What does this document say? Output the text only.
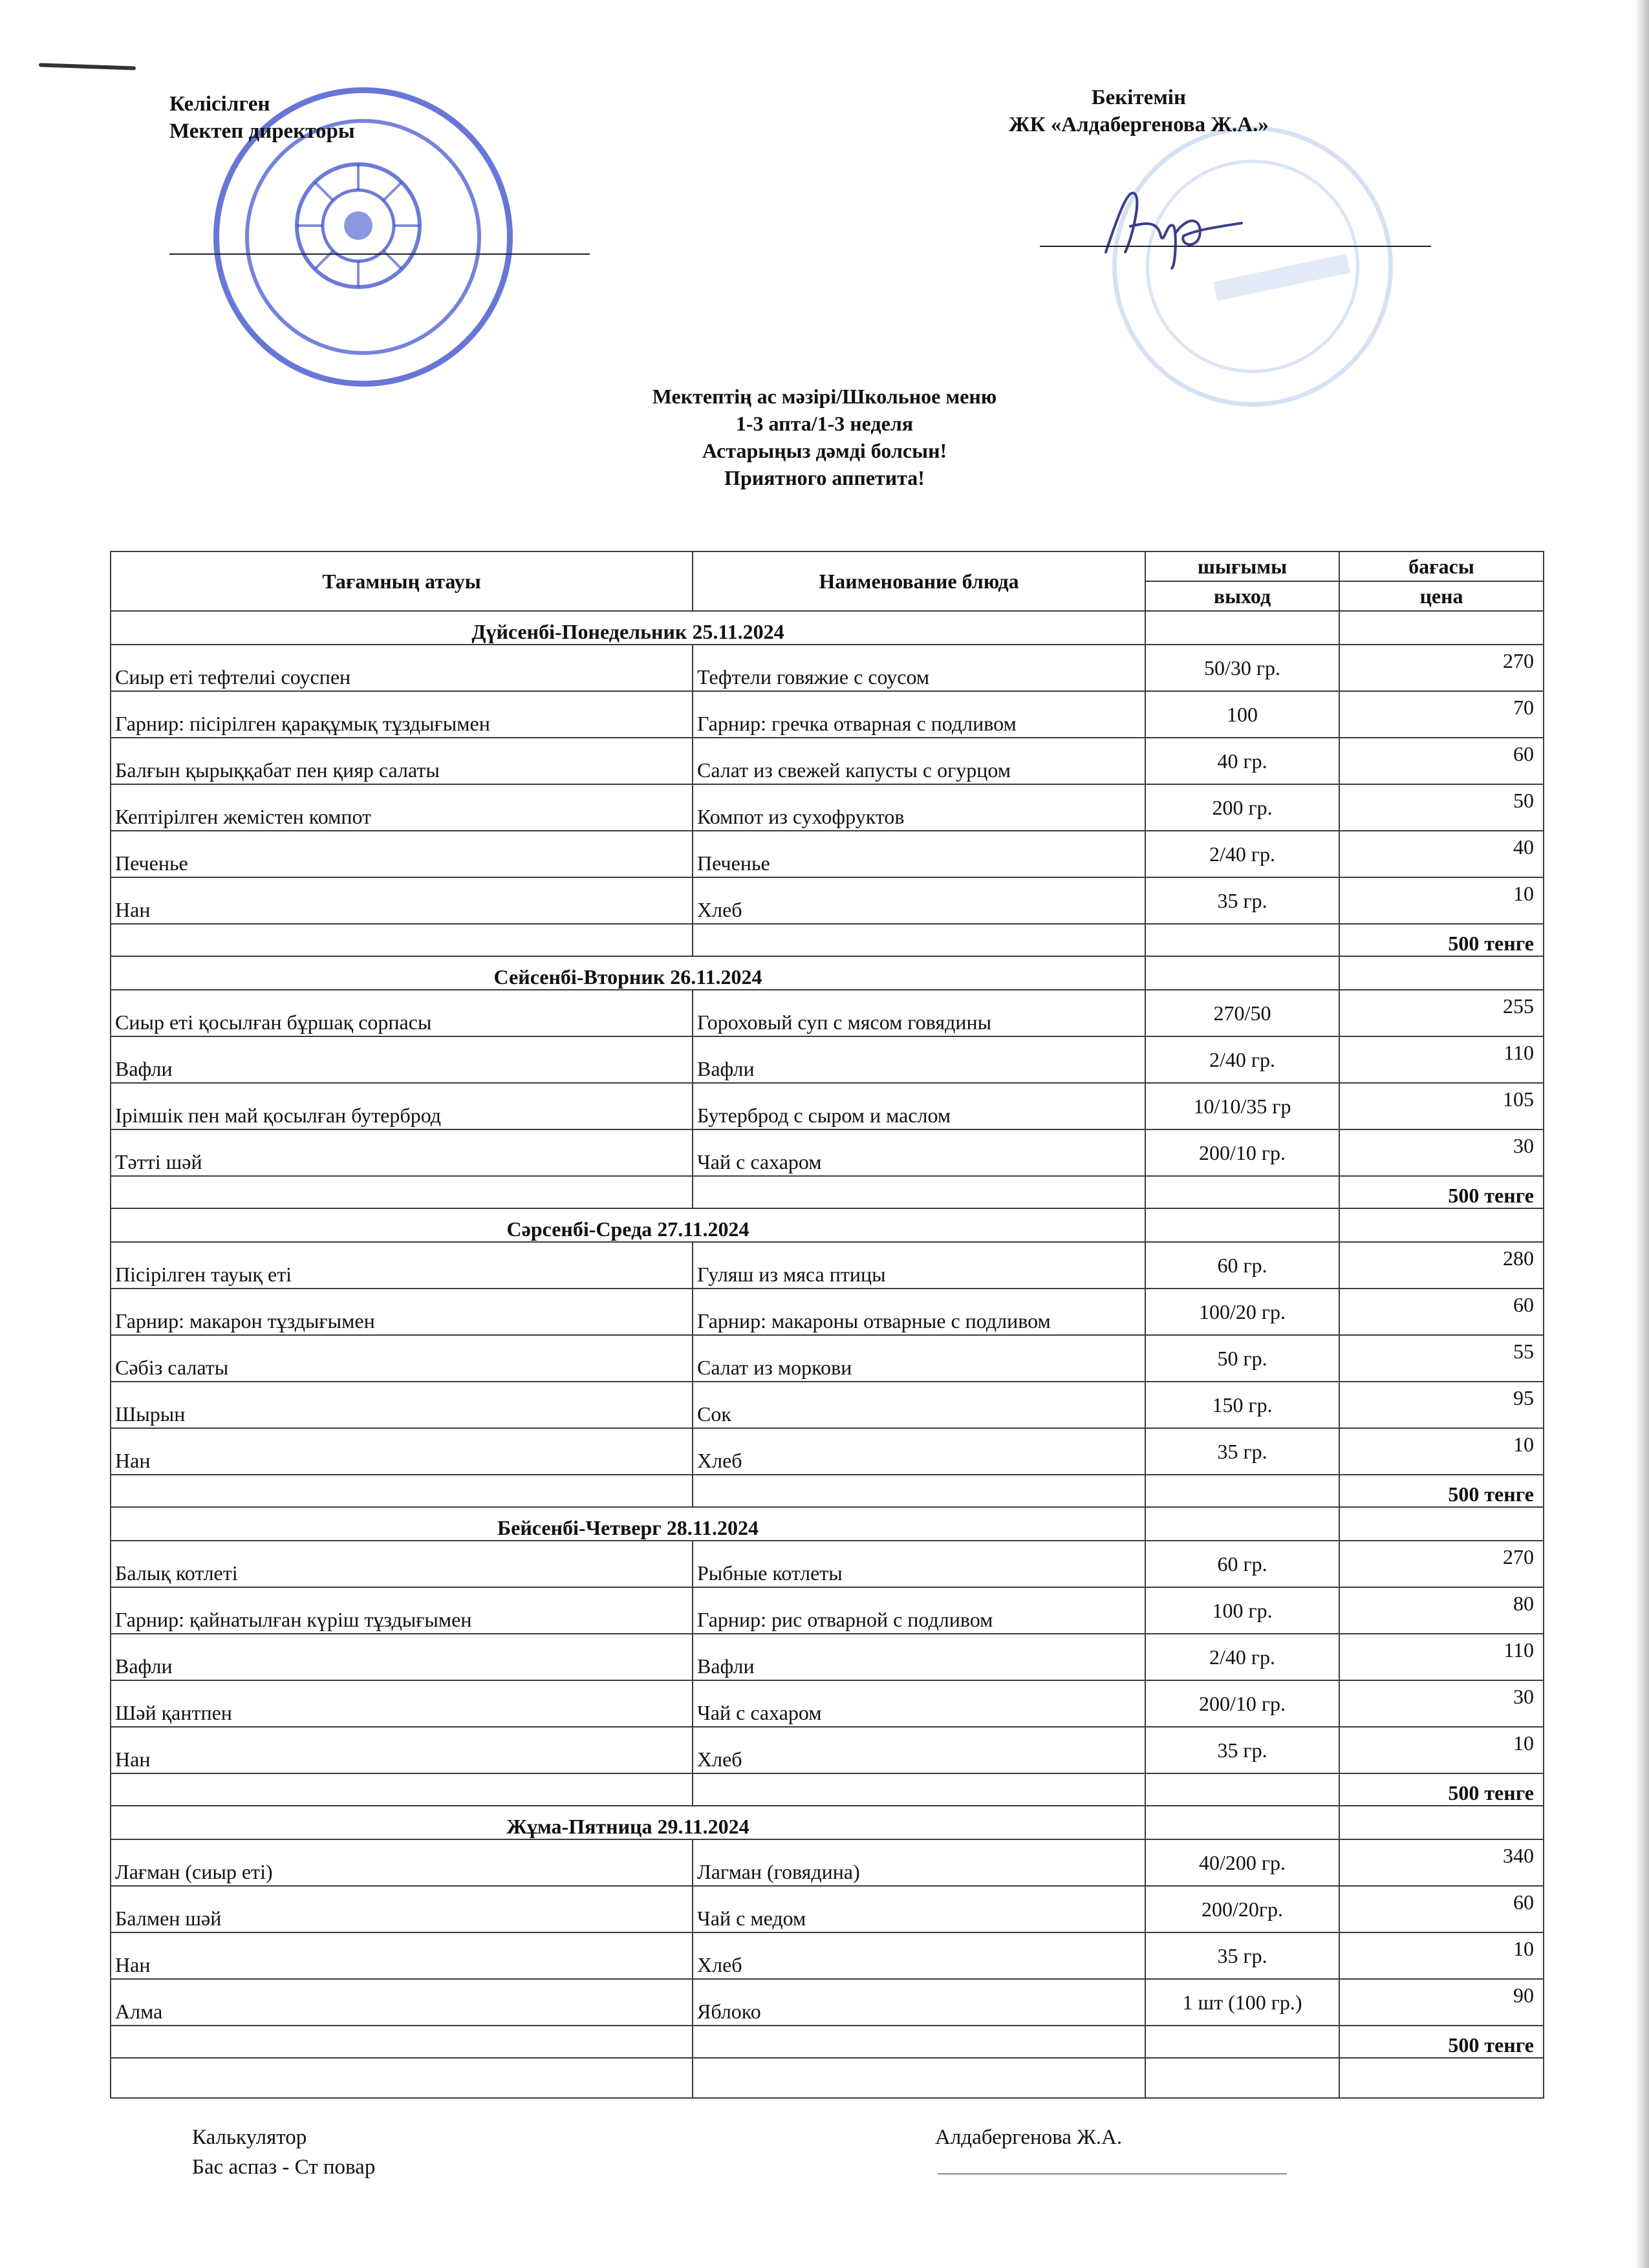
Келісілген
Мектеп директоры
Бекітемін
ЖК «Алдабергенова Ж.А.»
Мектептің ас мәзірі/Школьное меню
1-3 апта/1-3 неделя
Астарыңыз дәмді болсын!
Приятного аппетита!
Тағамның атауы	Наименование блюда	шығымы	бағасы
		выход	цена
Дүйсенбі-Понедельник 25.11.2024			
Сиыр еті тефтелиі соуспен	Тефтели говяжие с соусом	50/30 гр.	270
Гарнир: пісірілген қарақұмық тұздығымен	Гарнир: гречка отварная с подливом	100	70
Балғын қырыққабат пен қияр салаты	Салат из свежей капусты с огурцом	40 гр.	60
Кептірілген жемістен компот	Компот из сухофруктов	200 гр.	50
Печенье	Печенье	2/40 гр.	40
Нан	Хлеб	35 гр.	10
			500 тенге
Сейсенбі-Вторник 26.11.2024			
Сиыр еті қосылған бұршақ сорпасы	Гороховый суп с мясом говядины	270/50	255
Вафли	Вафли	2/40 гр.	110
Ірімшік пен май қосылған бутерброд	Бутерброд с сыром и маслом	10/10/35 гр	105
Тәтті шәй	Чай с сахаром	200/10 гр.	30
			500 тенге
Сәрсенбі-Среда 27.11.2024			
Пісірілген тауық еті	Гуляш из мяса птицы	60 гр.	280
Гарнир: макарон тұздығымен	Гарнир: макароны отварные с подливом	100/20 гр.	60
Сәбіз салаты	Салат из моркови	50 гр.	55
Шырын	Сок	150 гр.	95
Нан	Хлеб	35 гр.	10
			500 тенге
Бейсенбі-Четверг 28.11.2024			
Балық котлеті	Рыбные котлеты	60 гр.	270
Гарнир: қайнатылған күріш тұздығымен	Гарнир: рис отварной с подливом	100 гр.	80
Вафли	Вафли	2/40 гр.	110
Шәй қантпен	Чай с сахаром	200/10 гр.	30
Нан	Хлеб	35 гр.	10
			500 тенге
Жұма-Пятница 29.11.2024			
Лағман (сиыр еті)	Лагман (говядина)	40/200 гр.	340
Балмен шәй	Чай с медом	200/20гр.	60
Нан	Хлеб	35 гр.	10
Алма	Яблоко	1 шт (100 гр.)	90
			500 тенге

Калькулятор
Бас аспаз - Ст повар
Алдабергенова Ж.А.
